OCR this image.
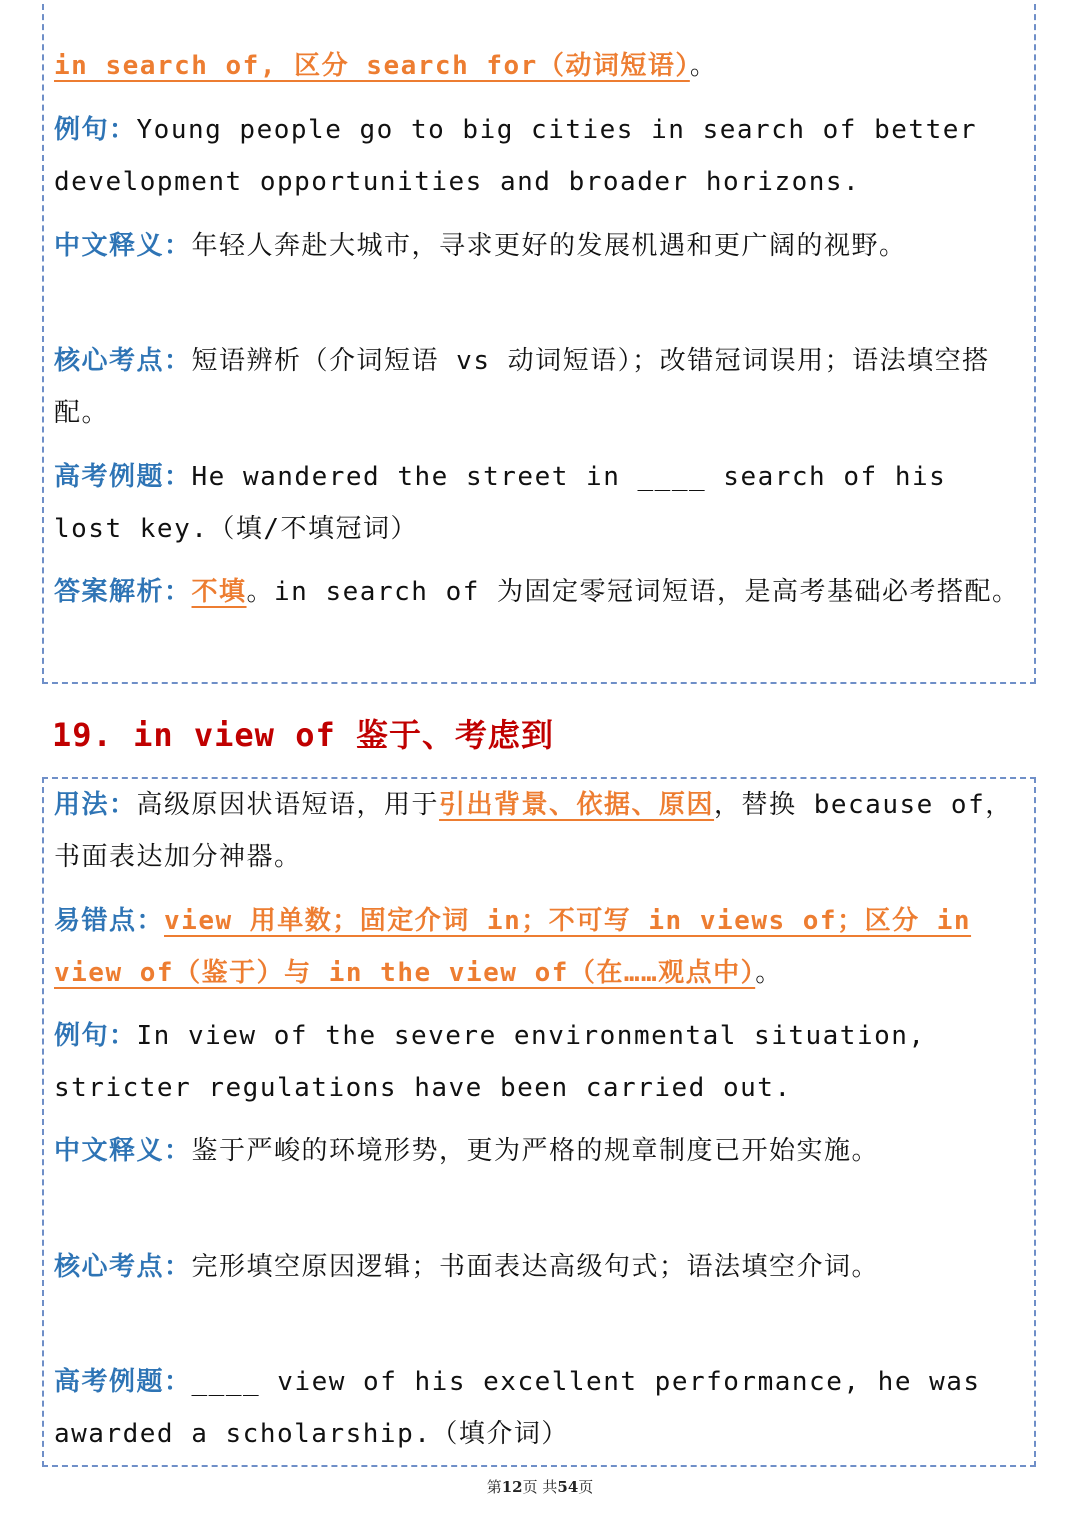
in search of, 区分 search for（动词短语）。
例句：Young people go to big cities in search of better development opportunities and broader horizons.
中文释义：年轻人奔赴大城市，寻求更好的发展机遇和更广阔的视野。
核心考点：短语辨析（介词短语 vs 动词短语）；改错冠词误用；语法填空搭配。
高考例题：He wandered the street in ____ search of his lost key.（填/不填冠词）
答案解析：不填。in search of 为固定零冠词短语，是高考基础必考搭配。
19. in view of 鉴于、考虑到
用法：高级原因状语短语，用于引出背景、依据、原因，替换 because of，书面表达加分神器。
易错点：view 用单数；固定介词 in；不可写 in views of；区分 in view of（鉴于）与 in the view of（在……观点中）。
例句：In view of the severe environmental situation, stricter regulations have been carried out.
中文释义：鉴于严峻的环境形势，更为严格的规章制度已开始实施。
核心考点：完形填空原因逻辑；书面表达高级句式；语法填空介词。
高考例题：____ view of his excellent performance, he was awarded a scholarship.（填介词）
第12页 共54页
